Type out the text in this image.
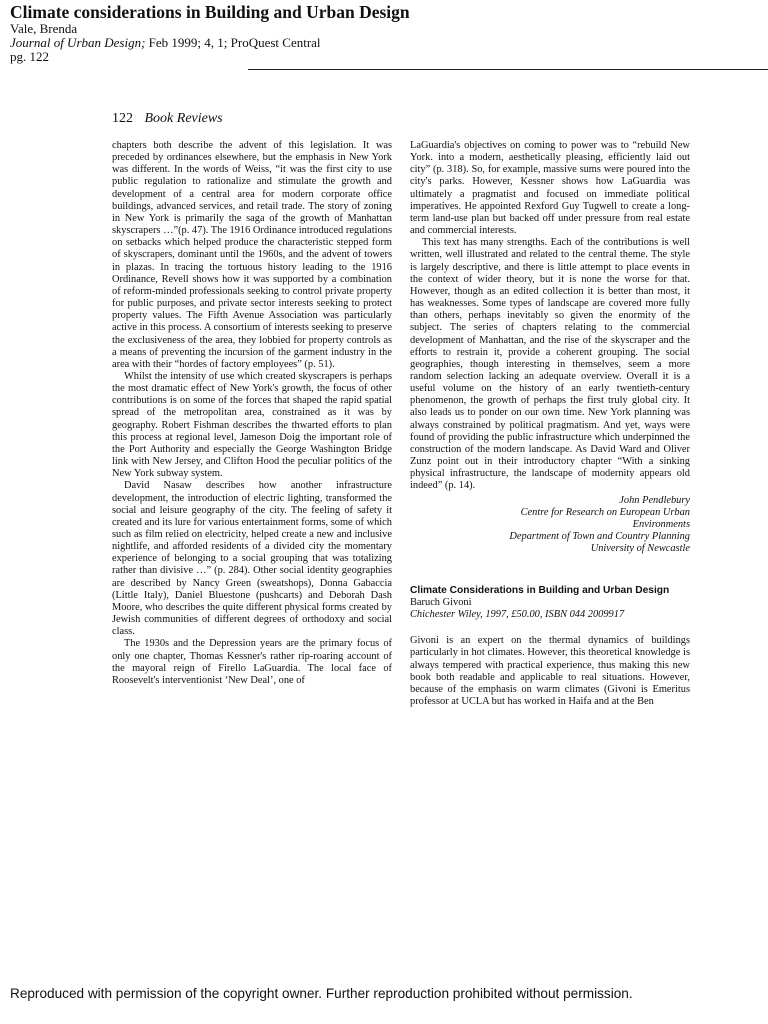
Climate considerations in Building and Urban Design

Vale, Brenda

Journal of Urban Design; Feb 1999; 4, 1; ProQuest Central

pg. 122

122 Book Reviews

chapters both describe the advent of this legislation. It was preceded by ordinances elsewhere, but the emphasis in New York was different. In the words of Weiss, “it was the first city to use public regulation to rationalize and stimulate the growth and development of a central area for modern corporate office buildings, advanced services, and retail trade. The story of zoning in New York is primarily the saga of the growth of Manhattan skyscrapers …”(p. 47). The 1916 Ordinance introduced regulations on setbacks which helped produce the characteristic stepped form of skyscrapers, dominant until the 1960s, and the advent of towers in plazas. In tracing the tortuous history leading to the 1916 Ordinance, Revell shows how it was supported by a combination of reform-minded professionals seeking to control private property for public purposes, and private sector interests seeking to protect property values. The Fifth Avenue Association was particularly active in this process. A consortium of interests seeking to preserve the exclusiveness of the area, they lobbied for property controls as a means of preventing the incursion of the garment industry in the area with their “hordes of factory employees” (p. 51).

Whilst the intensity of use which created skyscrapers is perhaps the most dramatic effect of New York's growth, the focus of other contributions is on some of the forces that shaped the rapid spatial spread of the metropolitan area, constrained as it was by geography. Robert Fishman describes the thwarted efforts to plan this process at regional level, Jameson Doig the important role of the Port Authority and especially the George Washington Bridge link with New Jersey, and Clifton Hood the peculiar politics of the New York subway system.

David Nasaw describes how another infrastructure development, the introduction of electric lighting, transformed the social and leisure geography of the city. The feeling of safety it created and its lure for various entertainment forms, some of which such as film relied on electricity, helped create a new and inclusive nightlife, and afforded residents of a divided city the momentary experience of belonging to a social grouping that was totalizing rather than divisive …” (p. 284). Other social identity geographies are described by Nancy Green (sweatshops), Donna Gabaccia (Little Italy), Daniel Bluestone (pushcarts) and Deborah Dash Moore, who describes the quite different physical forms created by Jewish communities of different degrees of orthodoxy and social class.

The 1930s and the Depression years are the primary focus of only one chapter, Thomas Kessner's rather rip-roaring account of the mayoral reign of Firello LaGuardia. The local face of Roosevelt's interventionist ‘New Deal’, one of

LaGuardia's objectives on coming to power was to “rebuild New York. into a modern, aesthetically pleasing, efficiently laid out city” (p. 318). So, for example, massive sums were poured into the city's parks. However, Kessner shows how LaGuardia was ultimately a pragmatist and focused on immediate political imperatives. He appointed Rexford Guy Tugwell to create a long-term land-use plan but backed off under pressure from real estate and commercial interests.

This text has many strengths. Each of the contributions is well written, well illustrated and related to the central theme. The style is largely descriptive, and there is little attempt to place events in the context of wider theory, but it is none the worse for that. However, though as an edited collection it is better than most, it has weaknesses. Some types of landscape are covered more fully than others, perhaps inevitably so given the enormity of the subject. The series of chapters relating to the commercial development of Manhattan, and the rise of the skyscraper and the efforts to restrain it, provide a coherent grouping. The social geographies, though interesting in themselves, seem a more random selection lacking an adequate overview. Overall it is a useful volume on the history of an early twentieth-century phenomenon, the growth of perhaps the first truly global city. It also leads us to ponder on our own time. New York planning was always constrained by political pragmatism. And yet, ways were found of providing the public infrastructure which underpinned the construction of the modern landscape. As David Ward and Oliver Zunz point out in their introductory chapter “With a sinking physical infrastructure, the landscape of modernity appears old indeed” (p. 14).

John Pendlebury
Centre for Research on European Urban
Environments
Department of Town and Country Planning
University of Newcastle
Climate Considerations in Building and Urban Design
Baruch Givoni
Chichester Wiley, 1997, £50.00, ISBN 044 2009917

Givoni is an expert on the thermal dynamics of buildings particularly in hot climates. However, this theoretical knowledge is always tempered with practical experience, thus making this new book both readable and applicable to real situations. However, because of the emphasis on warm climates (Givoni is Emeritus professor at UCLA but has worked in Haifa and at the Ben

Reproduced with permission of the copyright owner. Further reproduction prohibited without permission.
